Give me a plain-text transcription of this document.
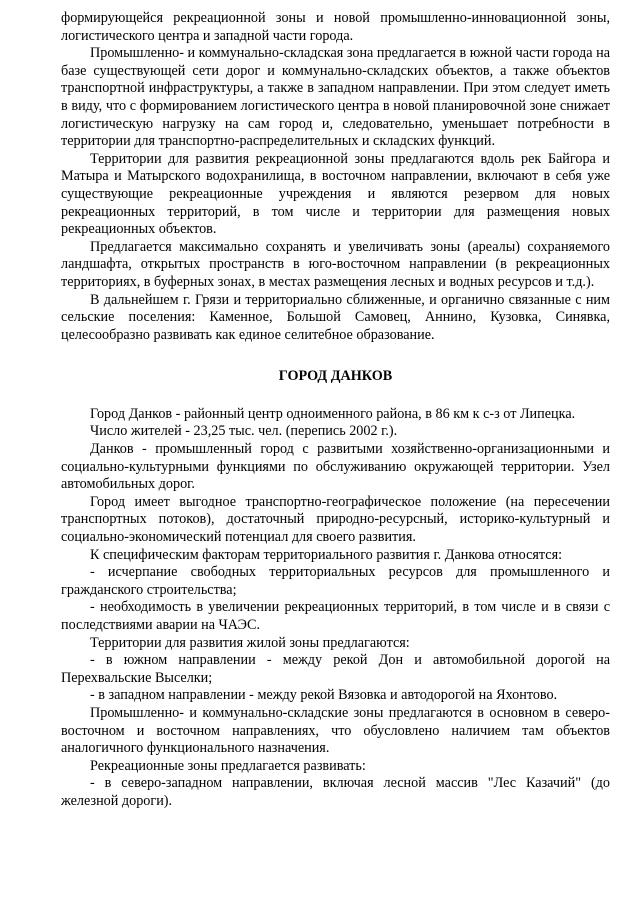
формирующейся рекреационной зоны и новой промышленно-инновационной зоны, логистического центра и западной части города.

Промышленно- и коммунально-складская зона предлагается в южной части города на базе существующей сети дорог и коммунально-складских объектов, а также объектов транспортной инфраструктуры, а также в западном направлении. При этом следует иметь в виду, что с формированием логистического центра в новой планировочной зоне снижает логистическую нагрузку на сам город и, следовательно, уменьшает потребности в территории для транспортно-распределительных и складских функций.

Территории для развития рекреационной зоны предлагаются вдоль рек Байгора и Матыра и Матырского водохранилища, в восточном направлении, включают в себя уже существующие рекреационные учреждения и являются резервом для новых рекреационных территорий, в том числе и территории для размещения новых рекреационных объектов.

Предлагается максимально сохранять и увеличивать зоны (ареалы) сохраняемого ландшафта, открытых пространств в юго-восточном направлении (в рекреационных территориях, в буферных зонах, в местах размещения лесных и водных ресурсов и т.д.).

В дальнейшем г. Грязи и территориально сближенные, и органично связанные с ним сельские поселения: Каменное, Большой Самовец, Аннино, Кузовка, Синявка, целесообразно развивать как единое селитебное образование.

ГОРОД ДАНКОВ

Город Данков - районный центр одноименного района, в 86 км к с-з от Липецка.

Число жителей - 23,25 тыс. чел. (перепись 2002 г.).

Данков - промышленный город с развитыми хозяйственно-организационными и социально-культурными функциями по обслуживанию окружающей территории. Узел автомобильных дорог.

Город имеет выгодное транспортно-географическое положение (на пересечении транспортных потоков), достаточный природно-ресурсный, историко-культурный и социально-экономический потенциал для своего развития.

К специфическим факторам территориального развития г. Данкова относятся:

- исчерпание свободных территориальных ресурсов для промышленного и гражданского строительства;

- необходимость в увеличении рекреационных территорий, в том числе и в связи с последствиями аварии на ЧАЭС.

Территории для развития жилой зоны предлагаются:

- в южном направлении - между рекой Дон и автомобильной дорогой на Перехвальские Выселки;

- в западном направлении - между рекой Вязовка и автодорогой на Яхонтово.

Промышленно- и коммунально-складские зоны предлагаются в основном в северо-восточном и восточном направлениях, что обусловлено наличием там объектов аналогичного функционального назначения.

Рекреационные зоны предлагается развивать:

- в северо-западном направлении, включая лесной массив "Лес Казачий" (до железной дороги).
